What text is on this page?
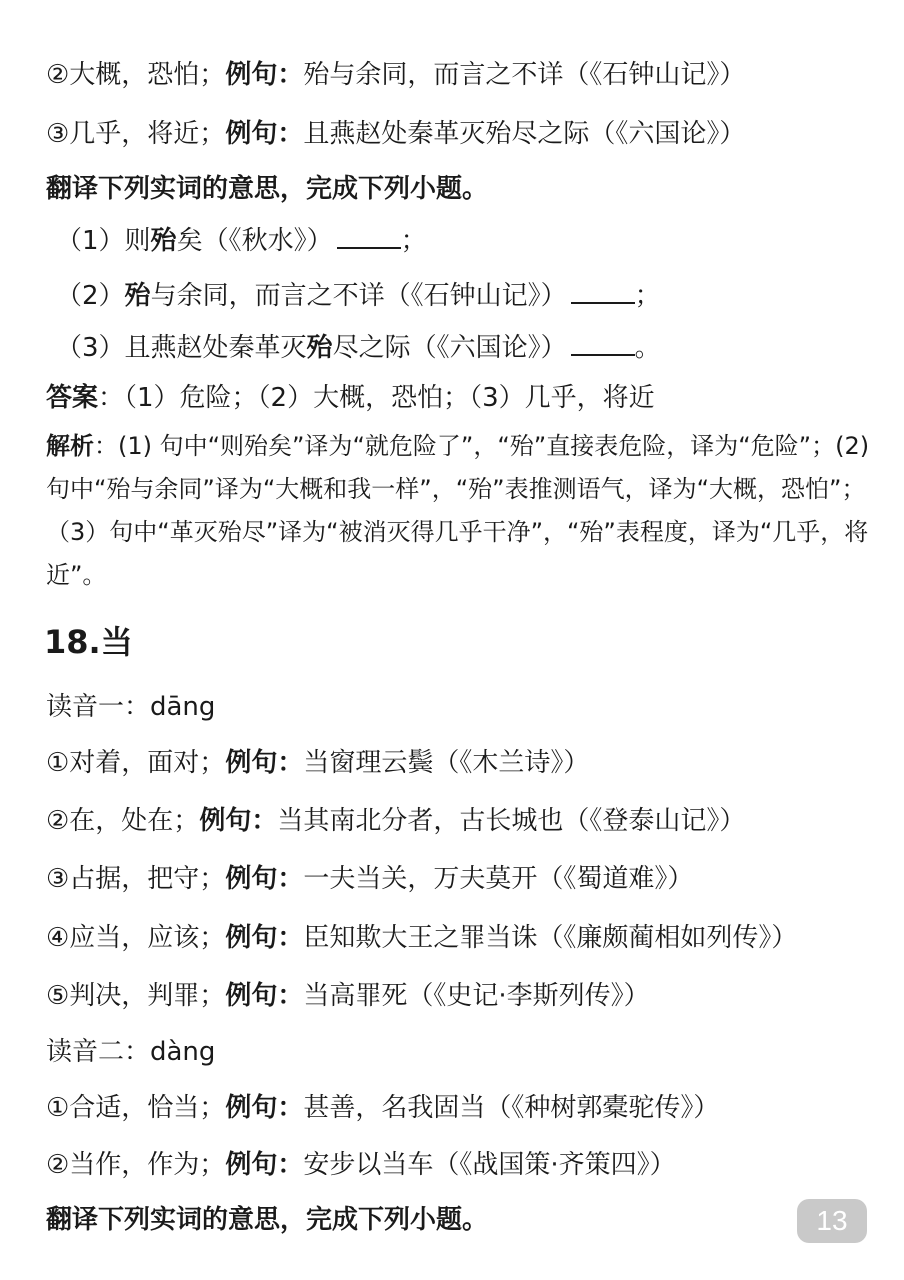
②大概，恐怕；例句：殆与余同，而言之不详（《石钟山记》）
③几乎，将近；例句：且燕赵处秦革灭殆尽之际（《六国论》）
翻译下列实词的意思，完成下列小题。
（1）则殆矣（《秋水》）	；
（2）殆与余同，而言之不详（《石钟山记》）	；
（3）且燕赵处秦革灭殆尽之际（《六国论》）	。
答案：（1）危险；（2）大概，恐怕；（3）几乎，将近
解析：(1) 句中“则殆矣”译为“就危险了”，“殆”直接表危险，译为“危险”；(2) 句中“殆与余同”译为“大概和我一样”，“殆”表推测语气，译为“大概，恐怕”；（3）句中“革灭殆尽”译为“被消灭得几乎干净”，“殆”表程度，译为“几乎，将近”。
18.当
读音一：dāng
①对着，面对；例句：当窗理云鬓（《木兰诗》）
②在，处在；例句：当其南北分者，古长城也（《登泰山记》）
③占据，把守；例句：一夫当关，万夫莫开（《蜀道难》）
④应当，应该；例句：臣知欺大王之罪当诛（《廉颇蔺相如列传》）
⑤判决，判罪；例句：当高罪死（《史记·李斯列传》）
读音二：dàng
①合适，恰当；例句：甚善，名我固当（《种树郭橐驼传》）
②当作，作为；例句：安步以当车（《战国策·齐策四》）
翻译下列实词的意思，完成下列小题。	13
